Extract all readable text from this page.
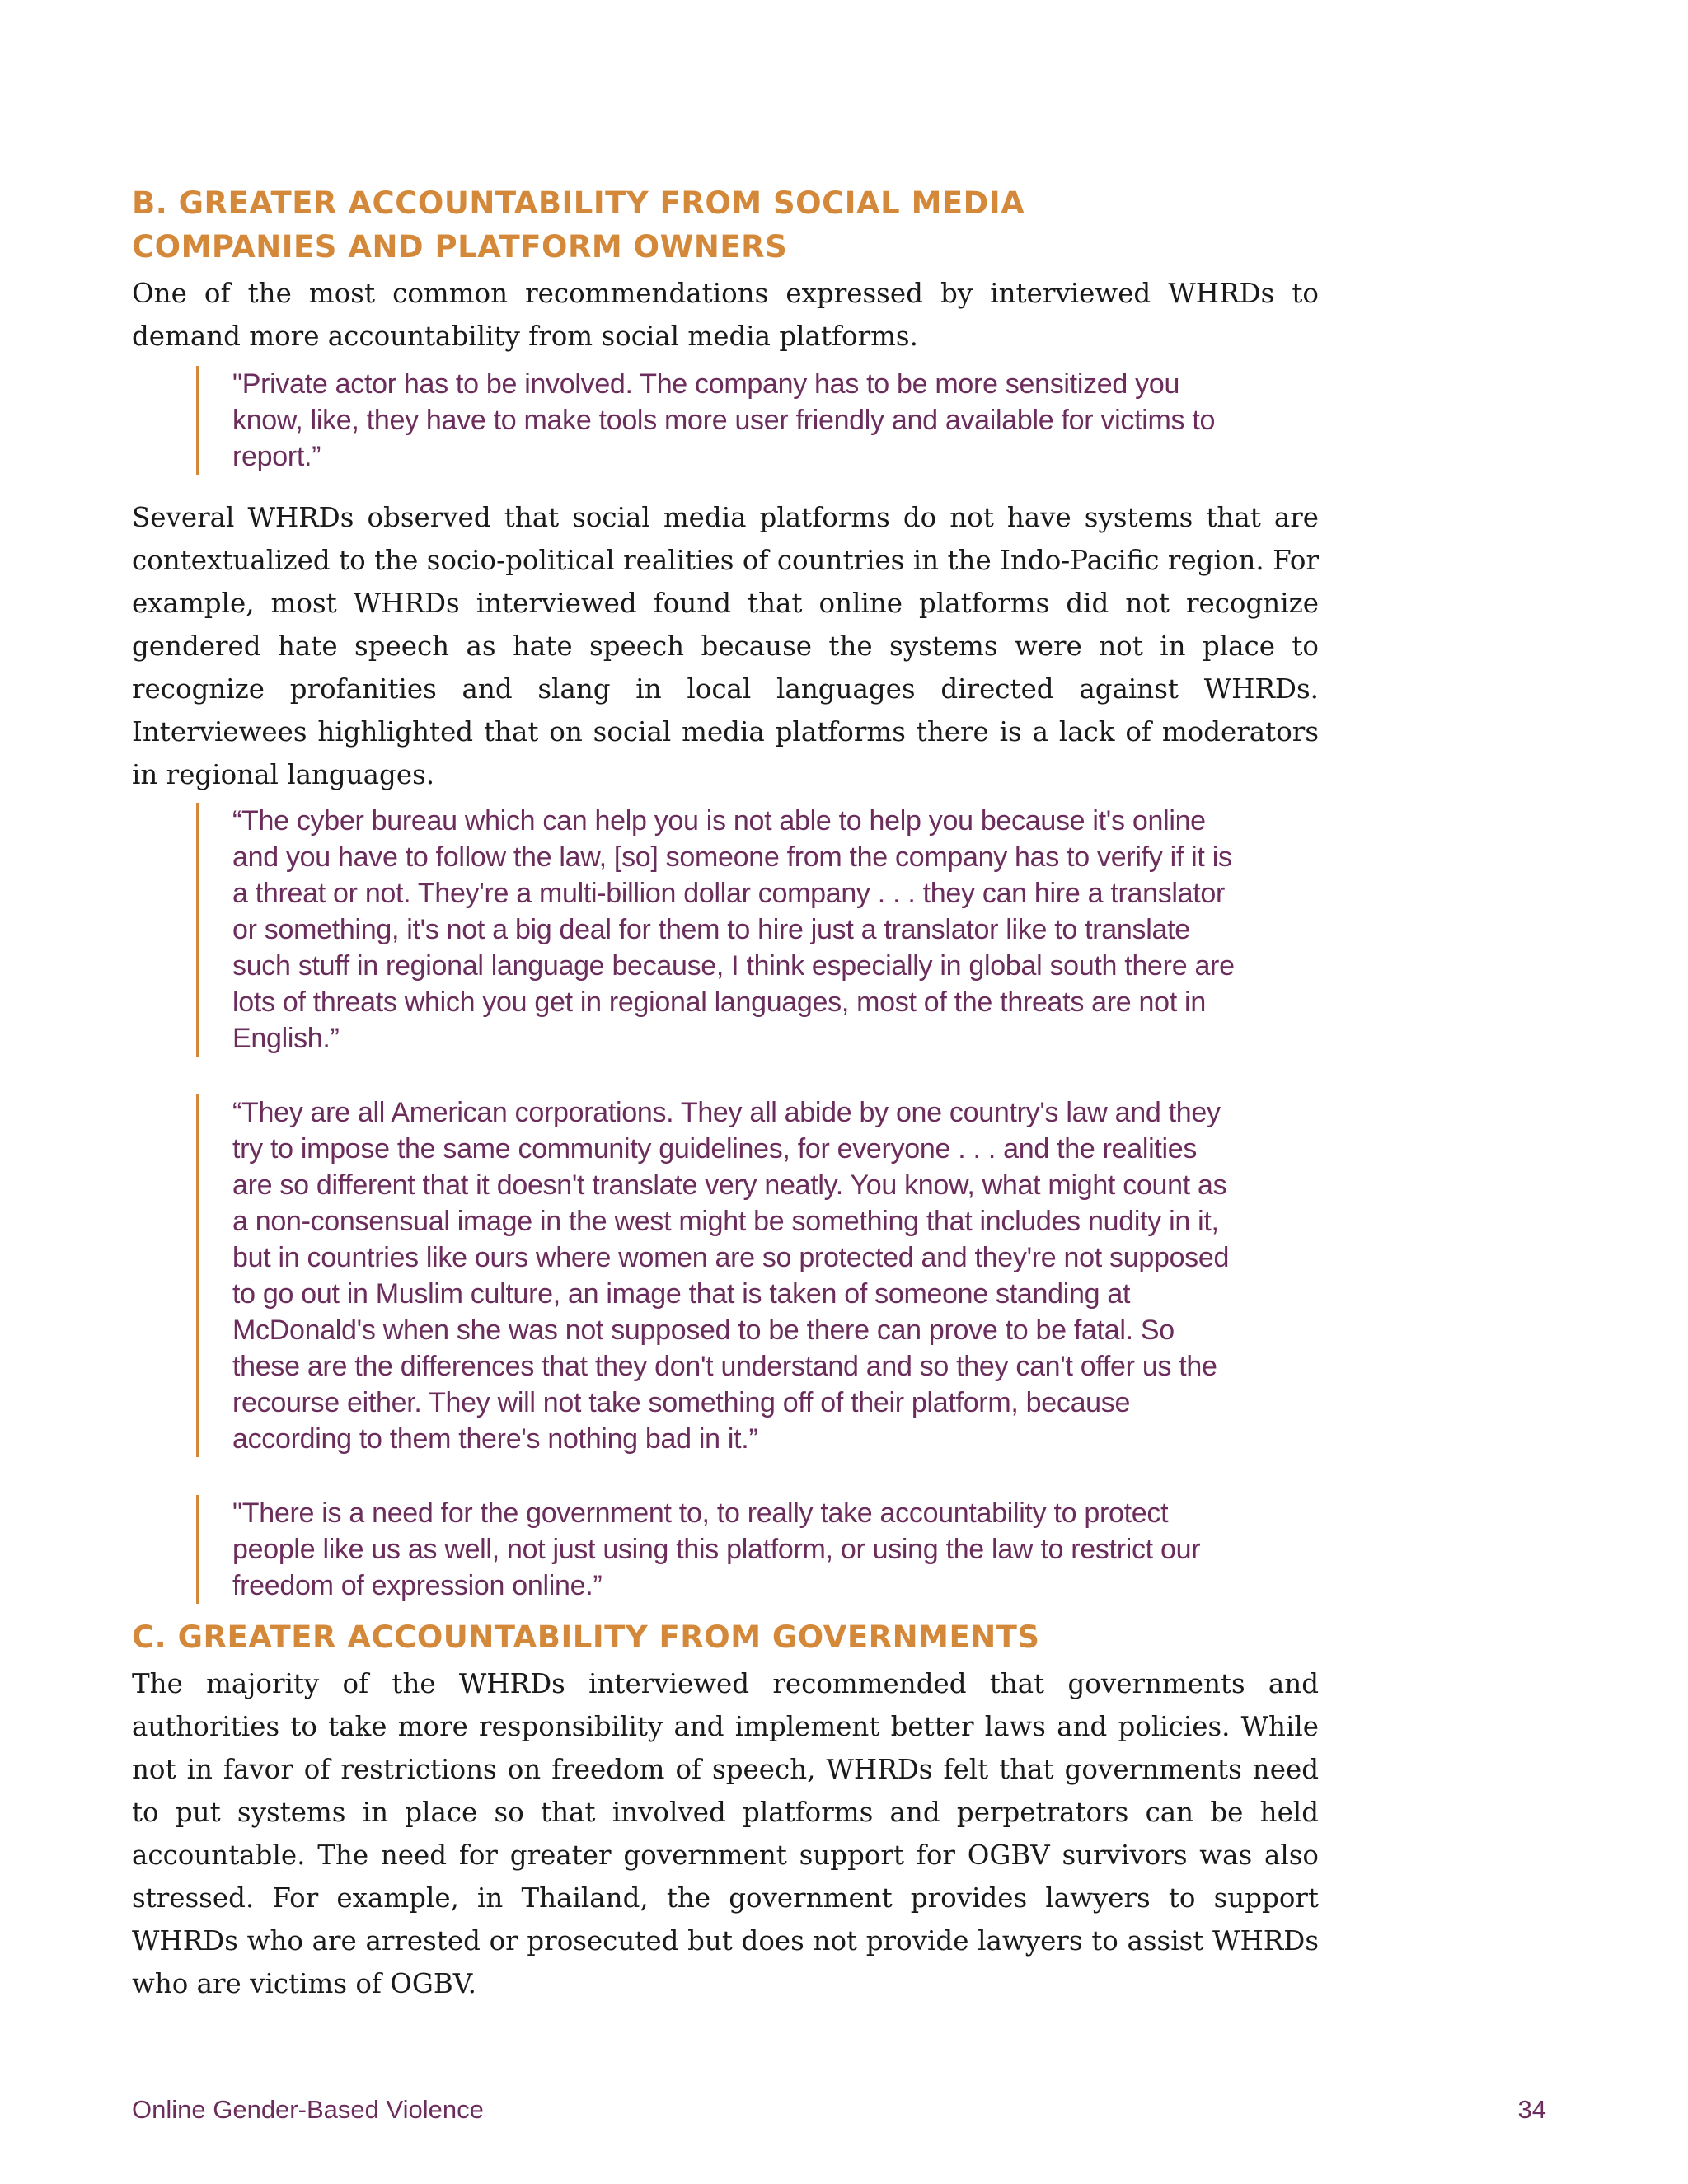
B. GREATER ACCOUNTABILITY FROM SOCIAL MEDIA
COMPANIES AND PLATFORM OWNERS

One of the most common recommendations expressed by interviewed WHRDs to demand more accountability from social media platforms.

"Private actor has to be involved. The company has to be more sensitized you know, like, they have to make tools more user friendly and available for victims to report.”

Several WHRDs observed that social media platforms do not have systems that are contextualized to the socio-political realities of countries in the Indo-Pacific region. For example, most WHRDs interviewed found that online platforms did not recognize gendered hate speech as hate speech because the systems were not in place to recognize profanities and slang in local languages directed against WHRDs. Interviewees highlighted that on social media platforms there is a lack of moderators in regional languages.

“The cyber bureau which can help you is not able to help you because it's online and you have to follow the law, [so] someone from the company has to verify if it is a threat or not. They're a multi-billion dollar company . . . they can hire a translator or something, it's not a big deal for them to hire just a translator like to translate such stuff in regional language because, I think especially in global south there are lots of threats which you get in regional languages, most of the threats are not in English.”

“They are all American corporations. They all abide by one country's law and they try to impose the same community guidelines, for everyone . . . and the realities are so different that it doesn't translate very neatly. You know, what might count as a non-consensual image in the west might be something that includes nudity in it, but in countries like ours where women are so protected and they're not supposed to go out in Muslim culture, an image that is taken of someone standing at McDonald's when she was not supposed to be there can prove to be fatal. So these are the differences that they don't understand and so they can't offer us the recourse either. They will not take something off of their platform, because according to them there's nothing bad in it.”

"There is a need for the government to, to really take accountability to protect people like us as well, not just using this platform, or using the law to restrict our freedom of expression online.”

C. GREATER ACCOUNTABILITY FROM GOVERNMENTS

The majority of the WHRDs interviewed recommended that governments and authorities to take more responsibility and implement better laws and policies. While not in favor of restrictions on freedom of speech, WHRDs felt that governments need to put systems in place so that involved platforms and perpetrators can be held accountable. The need for greater government support for OGBV survivors was also stressed. For example, in Thailand, the government provides lawyers to support WHRDs who are arrested or prosecuted but does not provide lawyers to assist WHRDs who are victims of OGBV.

Online Gender-Based Violence	34
